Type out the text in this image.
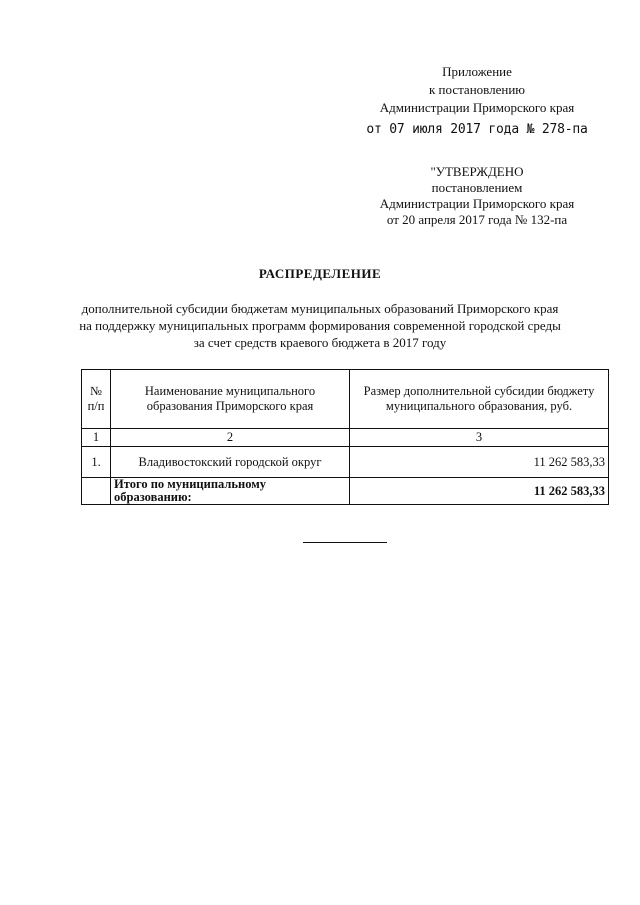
Приложение
к постановлению
Администрации Приморского края
от 07 июля 2017 года № 278-па
"УТВЕРЖДЕНО
постановлением
Администрации Приморского края
от 20 апреля 2017 года № 132-па
РАСПРЕДЕЛЕНИЕ
дополнительной субсидии бюджетам муниципальных образований Приморского края
на поддержку муниципальных программ формирования современной городской среды
за счет средств краевого бюджета в 2017 году
№ п/п	Наименование муниципального образования Приморского края	Размер дополнительной субсидии бюджету муниципального образования, руб.
1	2	3
1.	Владивостокский городской округ	11 262 583,33
	Итого по муниципальному образованию:	11 262 583,33
